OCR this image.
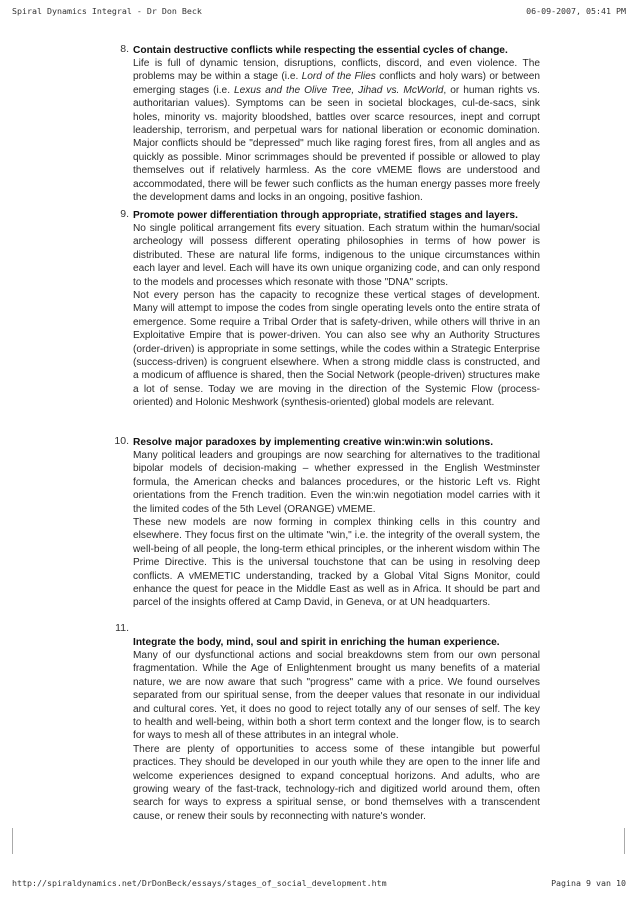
Spiral Dynamics Integral - Dr Don Beck	06-09-2007, 05:41 PM
8. Contain destructive conflicts while respecting the essential cycles of change.

Life is full of dynamic tension, disruptions, conflicts, discord, and even violence. The problems may be within a stage (i.e. Lord of the Flies conflicts and holy wars) or between emerging stages (i.e. Lexus and the Olive Tree, Jihad vs. McWorld, or human rights vs. authoritarian values). Symptoms can be seen in societal blockages, cul-de-sacs, sink holes, minority vs. majority bloodshed, battles over scarce resources, inept and corrupt leadership, terrorism, and perpetual wars for national liberation or economic domination. Major conflicts should be "depressed" much like raging forest fires, from all angles and as quickly as possible. Minor scrimmages should be prevented if possible or allowed to play themselves out if relatively harmless. As the core vMEME flows are understood and accommodated, there will be fewer such conflicts as the human energy passes more freely the development dams and locks in an ongoing, positive fashion.

9. Promote power differentiation through appropriate, stratified stages and layers.

No single political arrangement fits every situation. Each stratum within the human/social archeology will possess different operating philosophies in terms of how power is distributed. These are natural life forms, indigenous to the unique circumstances within each layer and level. Each will have its own unique organizing code, and can only respond to the models and processes which resonate with those "DNA" scripts.

Not every person has the capacity to recognize these vertical stages of development. Many will attempt to impose the codes from single operating levels onto the entire strata of emergence. Some require a Tribal Order that is safety-driven, while others will thrive in an Exploitative Empire that is power-driven. You can also see why an Authority Structures (order-driven) is appropriate in some settings, while the codes within a Strategic Enterprise (success-driven) is congruent elsewhere. When a strong middle class is constructed, and a modicum of affluence is shared, then the Social Network (people-driven) structures make a lot of sense. Today we are moving in the direction of the Systemic Flow (process-oriented) and Holonic Meshwork (synthesis-oriented) global models are relevant.

10. Resolve major paradoxes by implementing creative win:win:win solutions.

Many political leaders and groupings are now searching for alternatives to the traditional bipolar models of decision-making – whether expressed in the English Westminster formula, the American checks and balances procedures, or the historic Left vs. Right orientations from the French tradition. Even the win:win negotiation model carries with it the limited codes of the 5th Level (ORANGE) vMEME.

These new models are now forming in complex thinking cells in this country and elsewhere. They focus first on the ultimate "win," i.e. the integrity of the overall system, the well-being of all people, the long-term ethical principles, or the inherent wisdom within The Prime Directive. This is the universal touchstone that can be using in resolving deep conflicts. A vMEMETIC understanding, tracked by a Global Vital Signs Monitor, could enhance the quest for peace in the Middle East as well as in Africa. It should be part and parcel of the insights offered at Camp David, in Geneva, or at UN headquarters.

11.
Integrate the body, mind, soul and spirit in enriching the human experience.

Many of our dysfunctional actions and social breakdowns stem from our own personal fragmentation. While the Age of Enlightenment brought us many benefits of a material nature, we are now aware that such "progress" came with a price. We found ourselves separated from our spiritual sense, from the deeper values that resonate in our individual and cultural cores. Yet, it does no good to reject totally any of our senses of self. The key to health and well-being, within both a short term context and the longer flow, is to search for ways to mesh all of these attributes in an integral whole.

There are plenty of opportunities to access some of these intangible but powerful practices. They should be developed in our youth while they are open to the inner life and welcome experiences designed to expand conceptual horizons. And adults, who are growing weary of the fast-track, technology-rich and digitized world around them, often search for ways to express a spiritual sense, or bond themselves with a transcendent cause, or renew their souls by reconnecting with nature's wonder.

http://spiraldynamics.net/DrDonBeck/essays/stages_of_social_development.htm	Pagina 9 van 10
